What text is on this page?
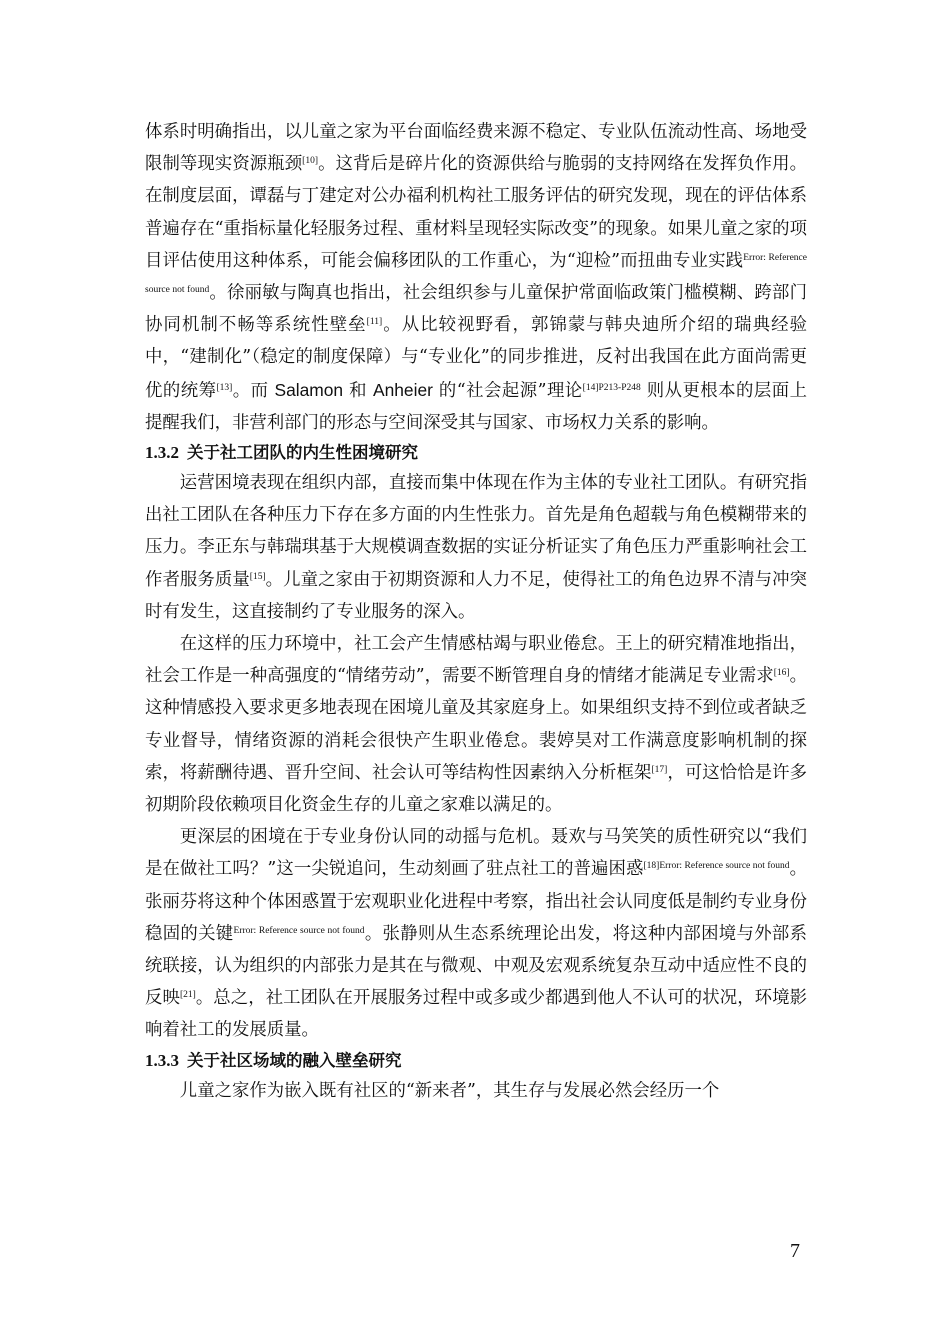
体系时明确指出，以儿童之家为平台面临经费来源不稳定、专业队伍流动性高、场地受限制等现实资源瓶颈[10]。这背后是碎片化的资源供给与脆弱的支持网络在发挥负作用。在制度层面，谭磊与丁建定对公办福利机构社工服务评估的研究发现，现在的评估体系普遍存在“重指标量化轻服务过程、重材料呈现轻实际改变”的现象。如果儿童之家的项目评估使用这种体系，可能会偏移团队的工作重心，为“迎检”而扭曲专业实践$^{Error: Reference source not found}$。徐丽敏与陶真也指出，社会组织参与儿童保护常面临政策门槛模糊、跨部门协同机制不畅等系统性壁垒[11]。从比较视野看，郭锦蒙与韩央迪所介绍的瑞典经验中，“建制化”（稳定的制度保障）与“专业化”的同步推进，反衬出我国在此方面尚需更优的统筹[13]。而 Salamon 和 Anheier 的“社会起源”理论$^{[14]P213-P248}$ 则从更根本的层面上提醒我们，非营利部门的形态与空间深受其与国家、市场权力关系的影响。

1.3.2 关于社工团队的内生性困境研究

运营困境表现在组织内部，直接而集中体现在作为主体的专业社工团队。有研究指出社工团队在各种压力下存在多方面的内生性张力。首先是角色超载与角色模糊带来的压力。李正东与韩瑞琪基于大规模调查数据的实证分析证实了角色压力严重影响社会工作者服务质量[15]。儿童之家由于初期资源和人力不足，使得社工的角色边界不清与冲突时有发生，这直接制约了专业服务的深入。

在这样的压力环境中，社工会产生情感枯竭与职业倦怠。王上的研究精准地指出，社会工作是一种高强度的“情绪劳动”，需要不断管理自身的情绪才能满足专业需求[16]。这种情感投入要求更多地表现在困境儿童及其家庭身上。如果组织支持不到位或者缺乏专业督导，情绪资源的消耗会很快产生职业倦怠。裴婷昊对工作满意度影响机制的探索，将薪酬待遇、晋升空间、社会认可等结构性因素纳入分析框架[17]，可这恰恰是许多初期阶段依赖项目化资金生存的儿童之家难以满足的。

更深层的困境在于专业身份认同的动摇与危机。聂欢与马笑笑的质性研究以“我们是在做社工吗？”这一尖锐追问，生动刻画了驻点社工的普遍困惑$^{[18]Error: Reference source not found}$。张丽芬将这种个体困惑置于宏观职业化进程中考察，指出社会认同度低是制约专业身份稳固的关键$^{Error: Reference source not found}$。张静则从生态系统理论出发，将这种内部困境与外部系统联接，认为组织的内部张力是其在与微观、中观及宏观系统复杂互动中适应性不良的反映[21]。总之，社工团队在开展服务过程中或多或少都遇到他人不认可的状况，环境影响着社工的发展质量。

1.3.3 关于社区场域的融入壁垒研究

儿童之家作为嵌入既有社区的“新来者”，其生存与发展必然会经历一个

7
